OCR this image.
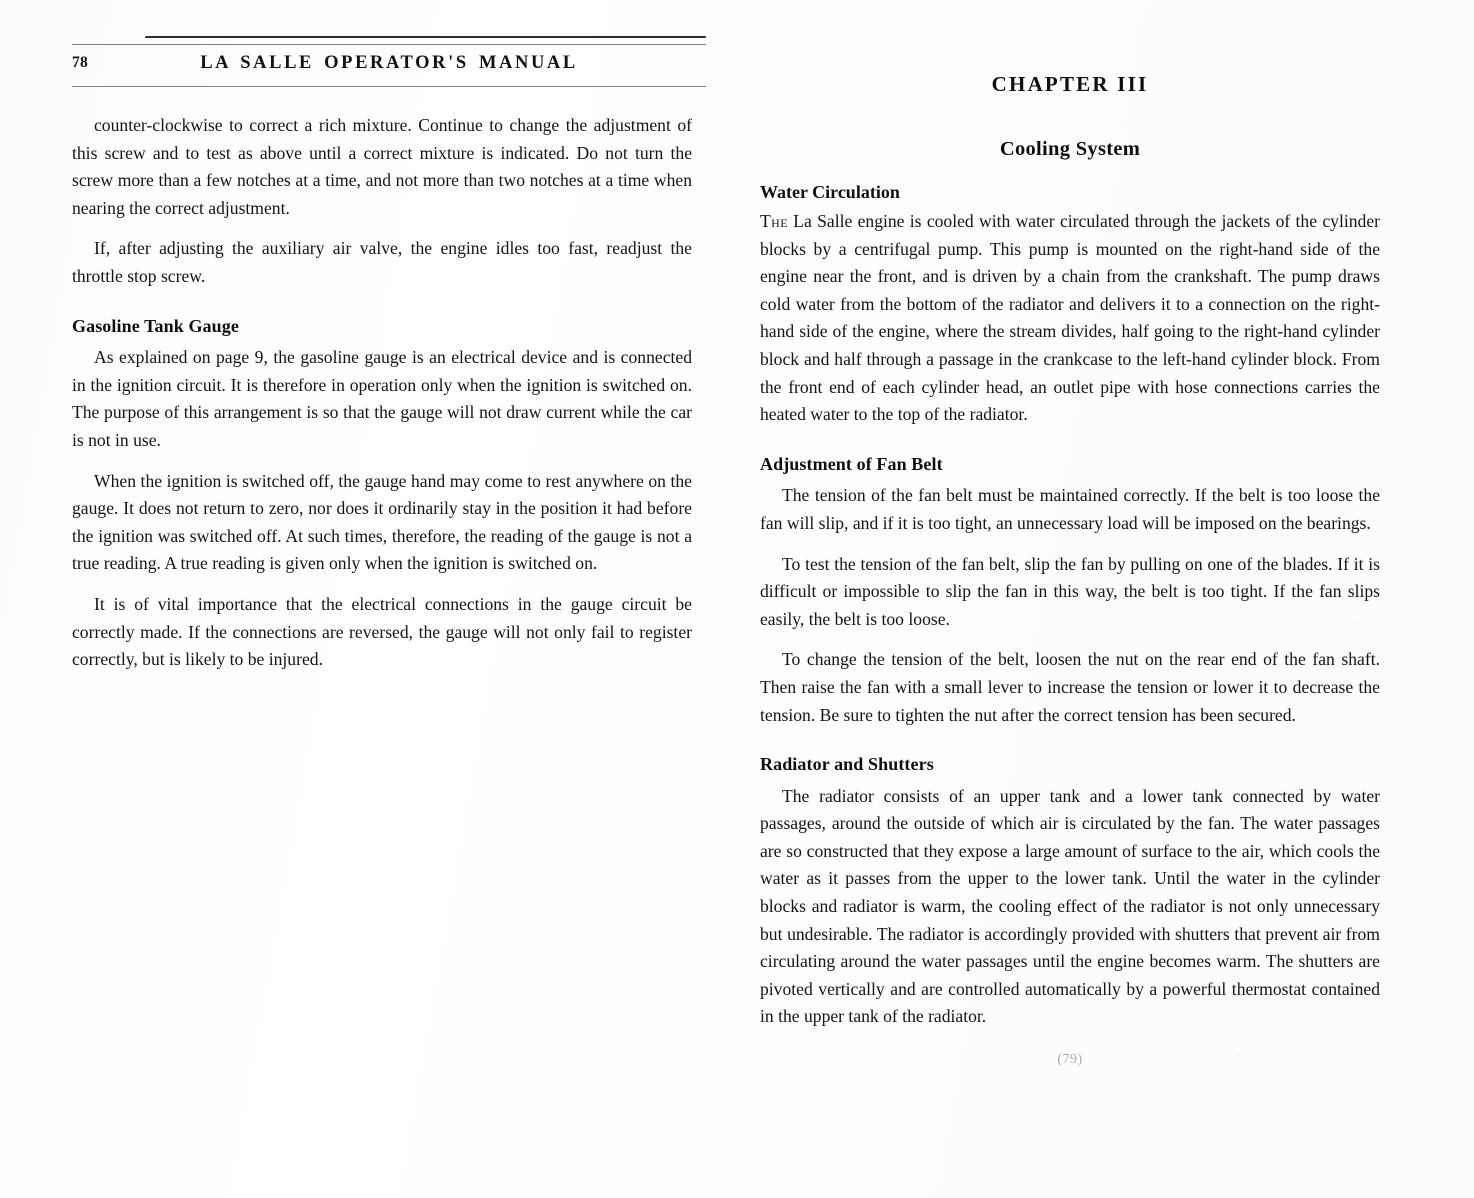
78	LA SALLE OPERATOR'S MANUAL

counter-clockwise to correct a rich mixture. Continue to change the adjustment of this screw and to test as above until a correct mixture is indicated. Do not turn the screw more than a few notches at a time, and not more than two notches at a time when nearing the correct adjustment.

If, after adjusting the auxiliary air valve, the engine idles too fast, readjust the throttle stop screw.

Gasoline Tank Gauge

As explained on page 9, the gasoline gauge is an electrical device and is connected in the ignition circuit. It is therefore in operation only when the ignition is switched on. The purpose of this arrangement is so that the gauge will not draw current while the car is not in use.

When the ignition is switched off, the gauge hand may come to rest anywhere on the gauge. It does not return to zero, nor does it ordinarily stay in the position it had before the ignition was switched off. At such times, therefore, the reading of the gauge is not a true reading. A true reading is given only when the ignition is switched on.

It is of vital importance that the electrical connections in the gauge circuit be correctly made. If the connections are reversed, the gauge will not only fail to register correctly, but is likely to be injured.

CHAPTER III
Cooling System
Water Circulation

The La Salle engine is cooled with water circulated through the jackets of the cylinder blocks by a centrifugal pump. This pump is mounted on the right-hand side of the engine near the front, and is driven by a chain from the crankshaft. The pump draws cold water from the bottom of the radiator and delivers it to a connection on the right-hand side of the engine, where the stream divides, half going to the right-hand cylinder block and half through a passage in the crankcase to the left-hand cylinder block. From the front end of each cylinder head, an outlet pipe with hose connections carries the heated water to the top of the radiator.

Adjustment of Fan Belt

The tension of the fan belt must be maintained correctly. If the belt is too loose the fan will slip, and if it is too tight, an unnecessary load will be imposed on the bearings.

To test the tension of the fan belt, slip the fan by pulling on one of the blades. If it is difficult or impossible to slip the fan in this way, the belt is too tight. If the fan slips easily, the belt is too loose.

To change the tension of the belt, loosen the nut on the rear end of the fan shaft. Then raise the fan with a small lever to increase the tension or lower it to decrease the tension. Be sure to tighten the nut after the correct tension has been secured.

Radiator and Shutters

The radiator consists of an upper tank and a lower tank connected by water passages, around the outside of which air is circulated by the fan. The water passages are so constructed that they expose a large amount of surface to the air, which cools the water as it passes from the upper to the lower tank. Until the water in the cylinder blocks and radiator is warm, the cooling effect of the radiator is not only unnecessary but undesirable. The radiator is accordingly provided with shutters that prevent air from circulating around the water passages until the engine becomes warm. The shutters are pivoted vertically and are controlled automatically by a powerful thermostat contained in the upper tank of the radiator.

(79)
